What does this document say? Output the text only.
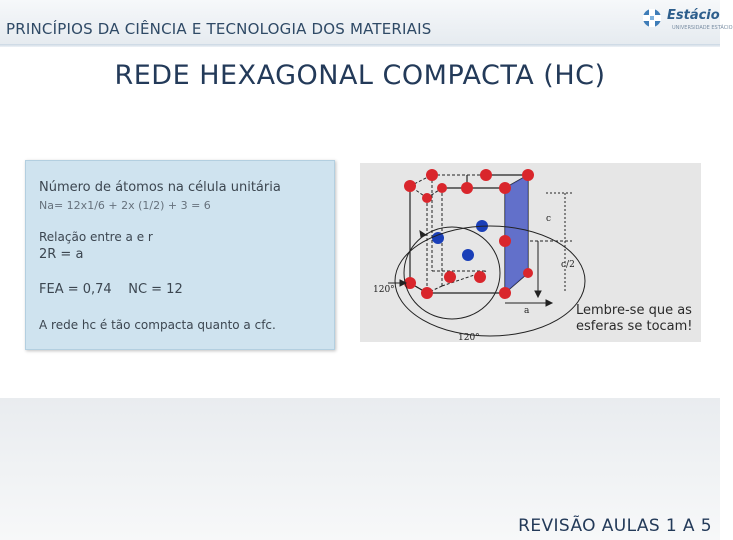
PRINCÍPIOS DA CIÊNCIA E TECNOLOGIA DOS MATERIAIS
Estácio
UNIVERSIDADE ESTÁCIO
REDE HEXAGONAL COMPACTA (HC)
Número de átomos na célula unitária
Na= 12x1/6 + 2x (1/2) + 3 = 6
Relação entre a e r
2R = a
FEA = 0,74    NC = 12
A rede hc é tão compacta quanto a cfc.
c
c/2
a
120°
120°
Lembre-se que as
esferas se tocam!
REVISÃO AULAS 1 A 5
